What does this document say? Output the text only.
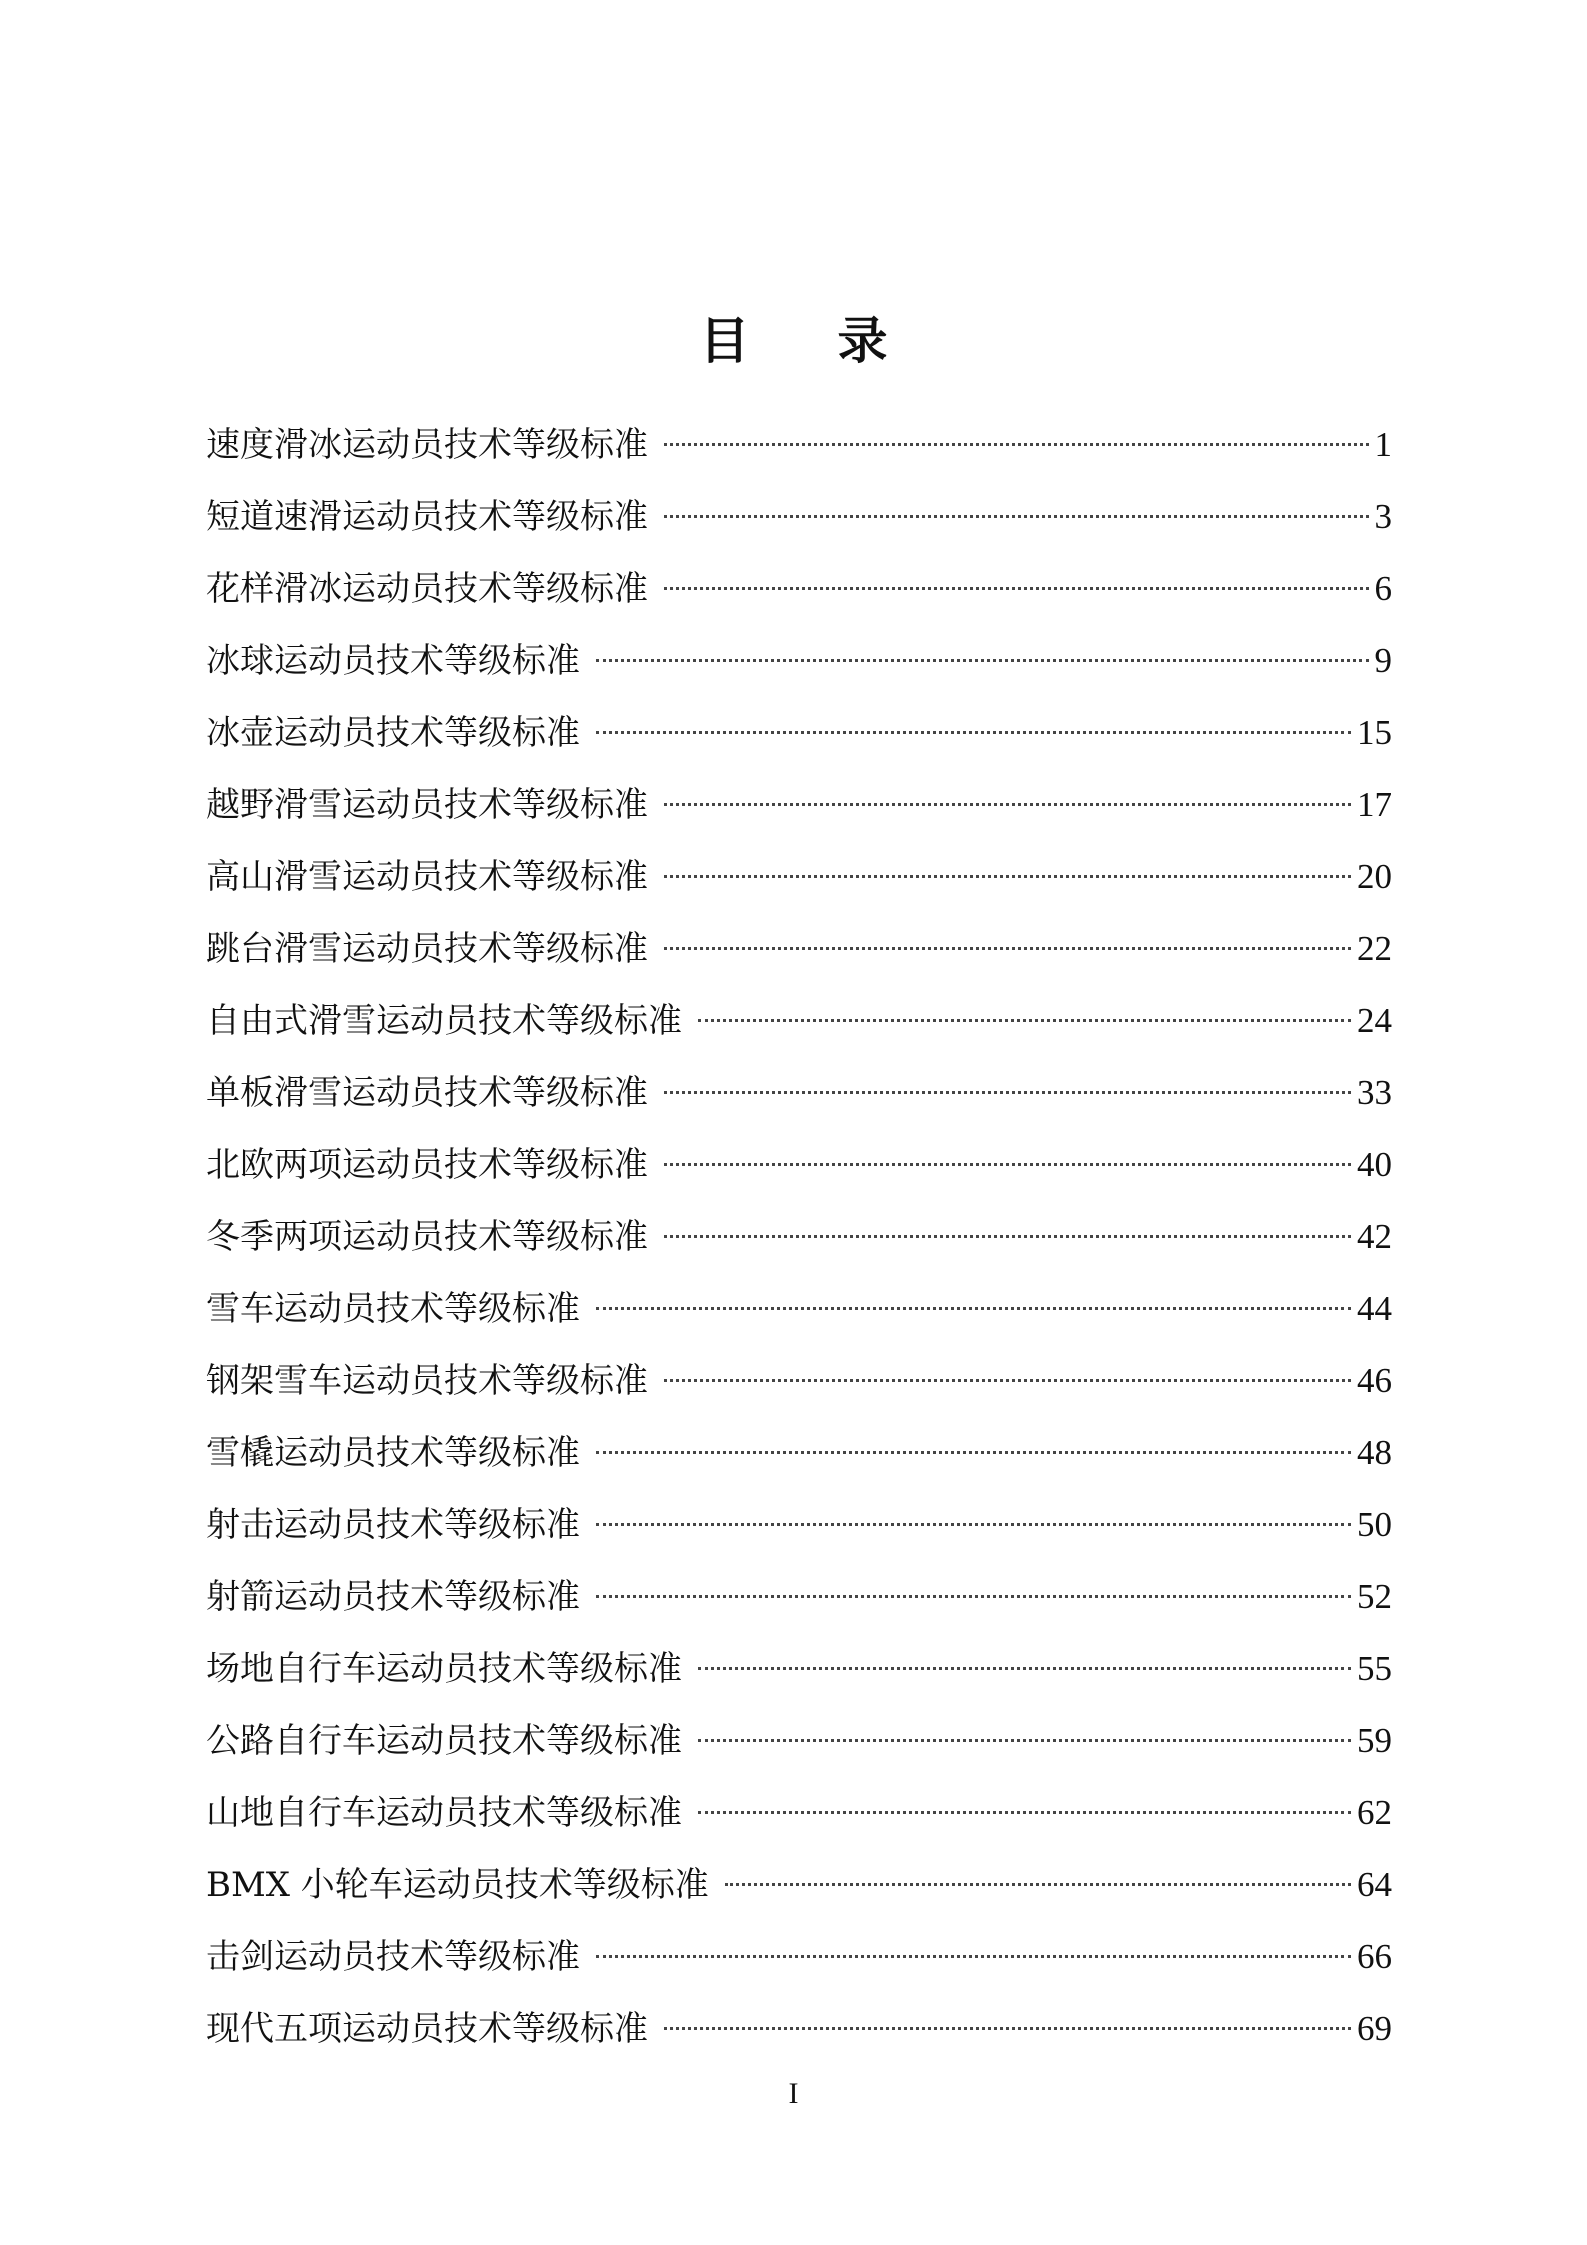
目 录
速度滑冰运动员技术等级标准	1
短道速滑运动员技术等级标准	3
花样滑冰运动员技术等级标准	6
冰球运动员技术等级标准	9
冰壶运动员技术等级标准	15
越野滑雪运动员技术等级标准	17
高山滑雪运动员技术等级标准	20
跳台滑雪运动员技术等级标准	22
自由式滑雪运动员技术等级标准	24
单板滑雪运动员技术等级标准	33
北欧两项运动员技术等级标准	40
冬季两项运动员技术等级标准	42
雪车运动员技术等级标准	44
钢架雪车运动员技术等级标准	46
雪橇运动员技术等级标准	48
射击运动员技术等级标准	50
射箭运动员技术等级标准	52
场地自行车运动员技术等级标准	55
公路自行车运动员技术等级标准	59
山地自行车运动员技术等级标准	62
BMX 小轮车运动员技术等级标准	64
击剑运动员技术等级标准	66
现代五项运动员技术等级标准	69
I
